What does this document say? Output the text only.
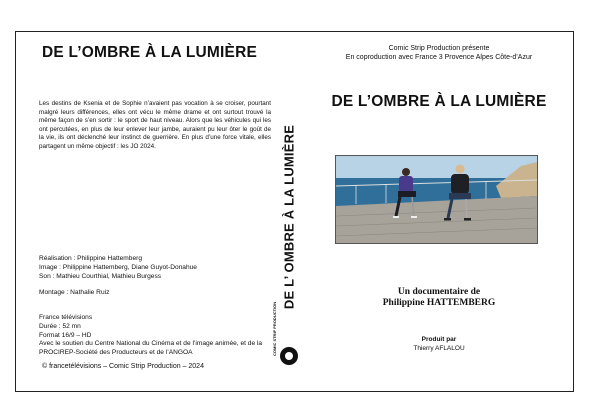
DE L’OMBRE À LA LUMIÈRE
Les destins de Ksenia et de Sophie n’avaient pas vocation à se croiser, pourtant malgré leurs différences, elles ont vécu le même drame et ont surtout trouvé la même façon de s’en sortir : le sport de haut niveau. Alors que les véhicules qui les ont percutées, en plus de leur enlever leur jambe, auraient pu leur ôter le goût de la vie, ils ont déclenché leur instinct de guerrière. En plus d’une force vitale, elles partagent un même objectif : les JO 2024.
Réalisation : Philippine Hattemberg
Image : Philippine Hattemberg, Diane Guyot-Donahue
Son : Mathieu Courthial, Mathieu Burgess
Montage : Nathalie Ruiz
France télévisions
Durée : 52 mn
Format 16/9 – HD
Avec le soutien du Centre National du Cinéma et de l’image animée, et de la PROCIREP-Société des Producteurs et de l’ANGOA
© francetélévisions – Comic Strip Production – 2024
DE L’ OMBRE À LA LUMIÈRE
COMIC STRIP PRODUCTION
Comic Strip Production présente
En coproduction avec France 3 Provence Alpes Côte-d’Azur
DE L’OMBRE À LA LUMIÈRE
Un documentaire de
Philippine HATTEMBERG
Produit par
Thierry AFLALOU
